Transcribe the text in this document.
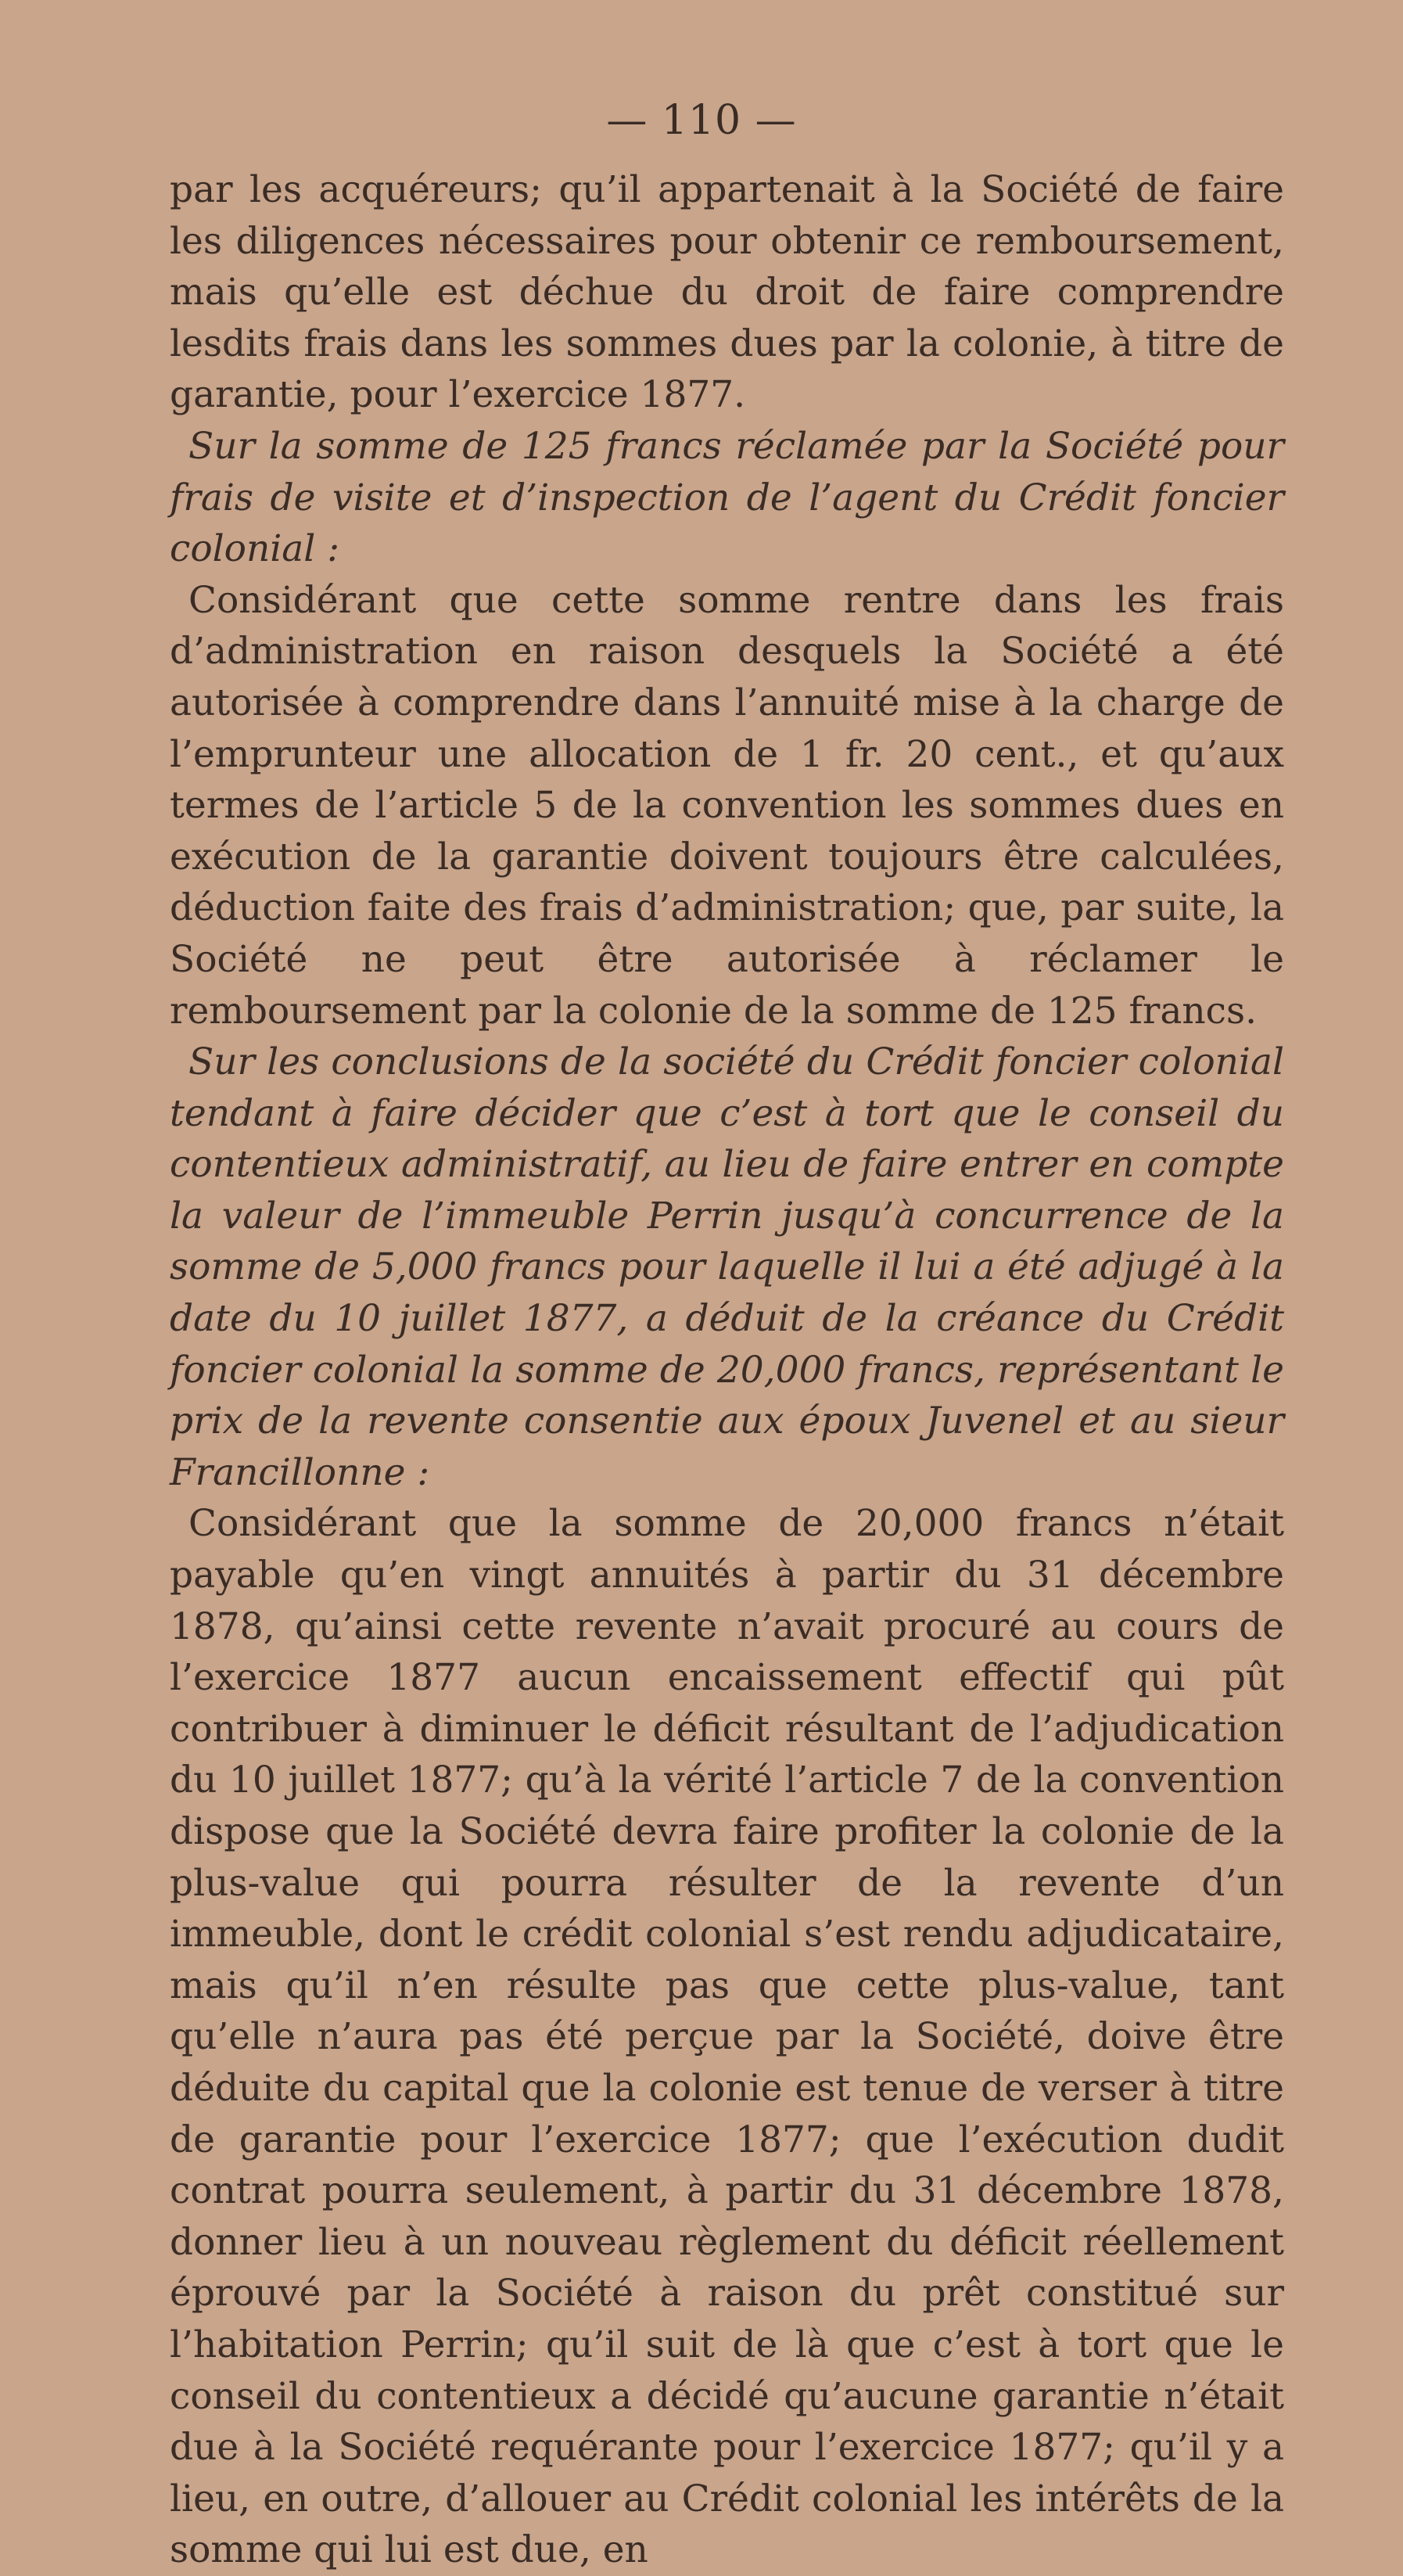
— 110 —

par les acquéreurs; qu’il appartenait à la Société de faire les diligences nécessaires pour obtenir ce remboursement, mais qu’elle est déchue du droit de faire comprendre lesdits frais dans les sommes dues par la colonie, à titre de garantie, pour l’exercice 1877.

Sur la somme de 125 francs réclamée par la Société pour frais de visite et d’inspection de l’agent du Crédit foncier colonial :

Considérant que cette somme rentre dans les frais d’administration en raison desquels la Société a été autorisée à comprendre dans l’annuité mise à la charge de l’emprunteur une allocation de 1 fr. 20 cent., et qu’aux termes de l’article 5 de la convention les sommes dues en exécution de la garantie doivent toujours être calculées, déduction faite des frais d’administration; que, par suite, la Société ne peut être autorisée à réclamer le remboursement par la colonie de la somme de 125 francs.

Sur les conclusions de la société du Crédit foncier colonial tendant à faire décider que c’est à tort que le conseil du contentieux administratif, au lieu de faire entrer en compte la valeur de l’immeuble Perrin jusqu’à concurrence de la somme de 5,000 francs pour laquelle il lui a été adjugé à la date du 10 juillet 1877, a déduit de la créance du Crédit foncier colonial la somme de 20,000 francs, représentant le prix de la revente consentie aux époux Juvenel et au sieur Francillonne :

Considérant que la somme de 20,000 francs n’était payable qu’en vingt annuités à partir du 31 décembre 1878, qu’ainsi cette revente n’avait procuré au cours de l’exercice 1877 aucun encaissement effectif qui pût contribuer à diminuer le déficit résultant de l’adjudication du 10 juillet 1877; qu’à la vérité l’article 7 de la convention dispose que la Société devra faire profiter la colonie de la plus-value qui pourra résulter de la revente d’un immeuble, dont le crédit colonial s’est rendu adjudicataire, mais qu’il n’en résulte pas que cette plus-value, tant qu’elle n’aura pas été perçue par la Société, doive être déduite du capital que la colonie est tenue de verser à titre de garantie pour l’exercice 1877; que l’exécution dudit contrat pourra seulement, à partir du 31 décembre 1878, donner lieu à un nouveau règlement du déficit réellement éprouvé par la Société à raison du prêt constitué sur l’habitation Perrin; qu’il suit de là que c’est à tort que le conseil du contentieux a décidé qu’aucune garantie n’était due à la Société requérante pour l’exercice 1877; qu’il y a lieu, en outre, d’allouer au Crédit colonial les intérêts de la somme qui lui est due, en
